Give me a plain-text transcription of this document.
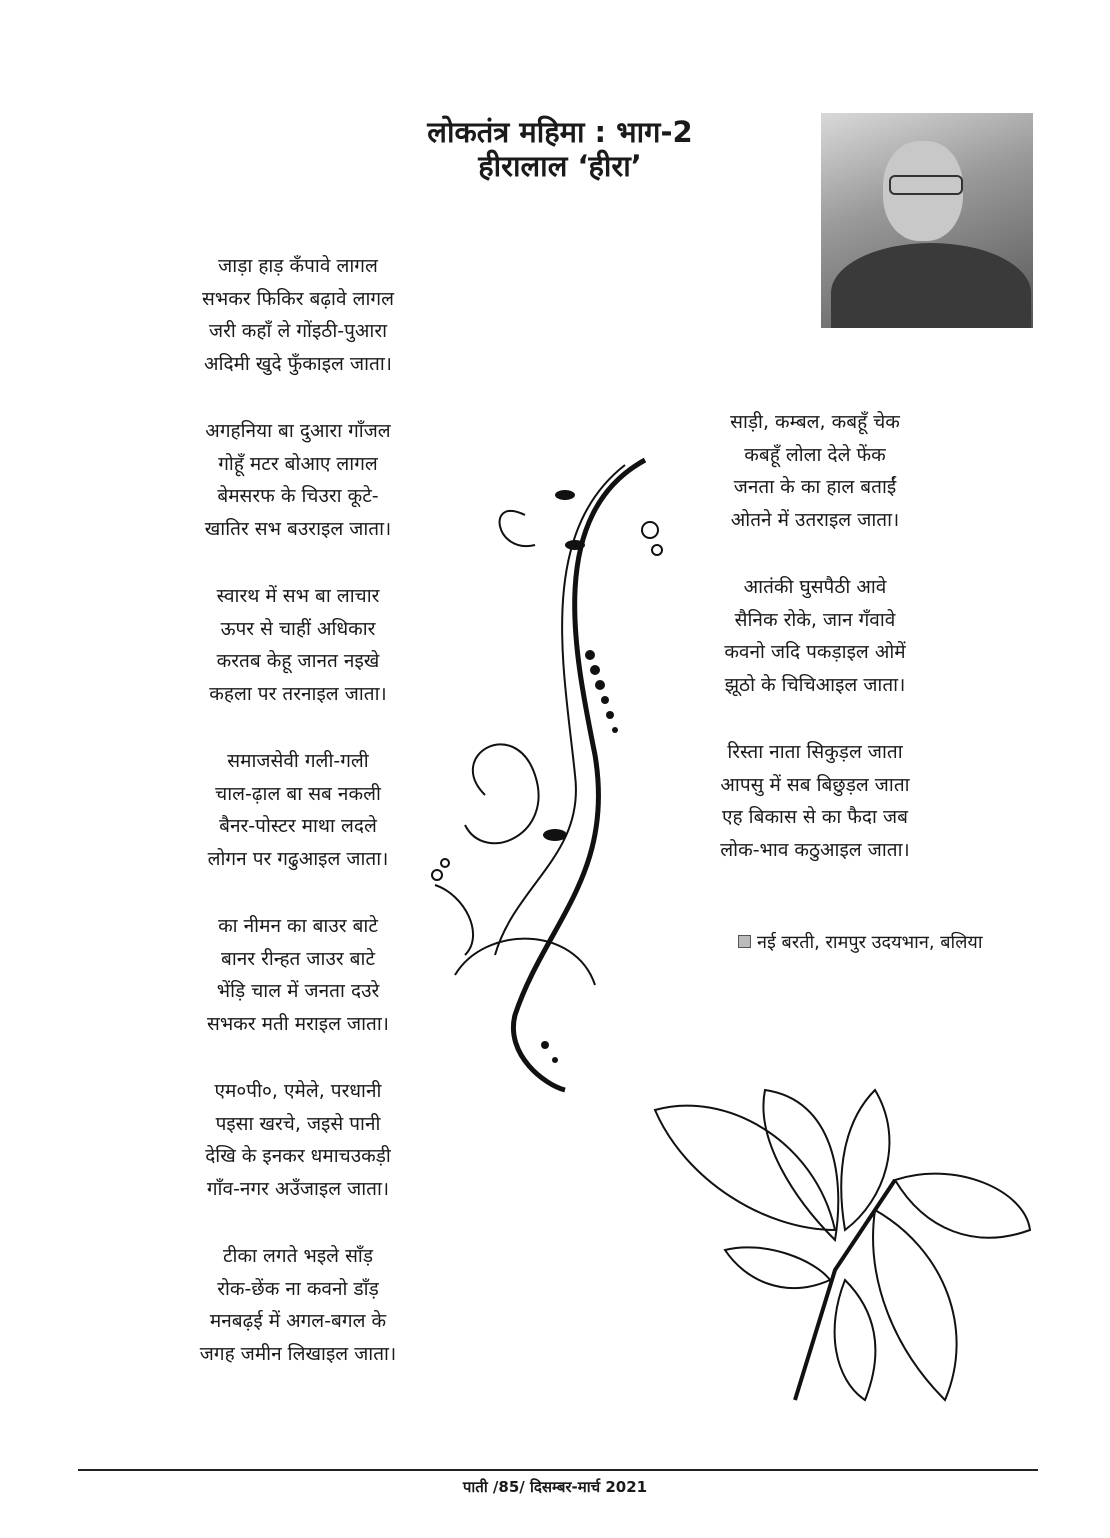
लोकतंत्र महिमा : भाग-2
हीरालाल ‘हीरा’
जाड़ा हाड़ कँपावे लागल
सभकर फिकिर बढ़ावे लागल
जरी कहाँ ले गोंइठी-पुआरा
अदिमी खुदे फुँकाइल जाता।
अगहनिया बा दुआरा गाँजल
गोहूँ मटर बोआए लागल
बेमसरफ के चिउरा कूटे-
खातिर सभ बउराइल जाता।
स्वारथ में सभ बा लाचार
ऊपर से चाहीं अधिकार
करतब केहू जानत नइखे
कहला पर तरनाइल जाता।
समाजसेवी गली-गली
चाल-ढ़ाल बा सब नकली
बैनर-पोस्टर माथा लदले
लोगन पर गढुआइल जाता।
का नीमन का बाउर बाटे
बानर रीन्हत जाउर बाटे
भेंड़ि चाल में जनता दउरे
सभकर मती मराइल जाता।
एम०पी०, एमेले, परधानी
पइसा खरचे, जइसे पानी
देखि के इनकर धमाचउकड़ी
गाँव-नगर अउँजाइल जाता।
टीका लगते भइले साँड़
रोक-छेंक ना कवनो डाँड़
मनबढ़ई में अगल-बगल के
जगह जमीन लिखाइल जाता।
साड़ी, कम्बल, कबहूँ चेक
कबहूँ लोला देले फेंक
जनता के का हाल बताईं
ओतने में उतराइल जाता।
आतंकी घुसपैठी आवे
सैनिक रोके, जान गँवावे
कवनो जदि पकड़ाइल ओमें
झूठो के चिचिआइल जाता।
रिस्ता नाता सिकुड़ल जाता
आपसु में सब बिछुड़ल जाता
एह बिकास से का फैदा जब
लोक-भाव कठुआइल जाता।
नई बरती, रामपुर उदयभान, बलिया
पाती /85/ दिसम्बर-मार्च 2021
